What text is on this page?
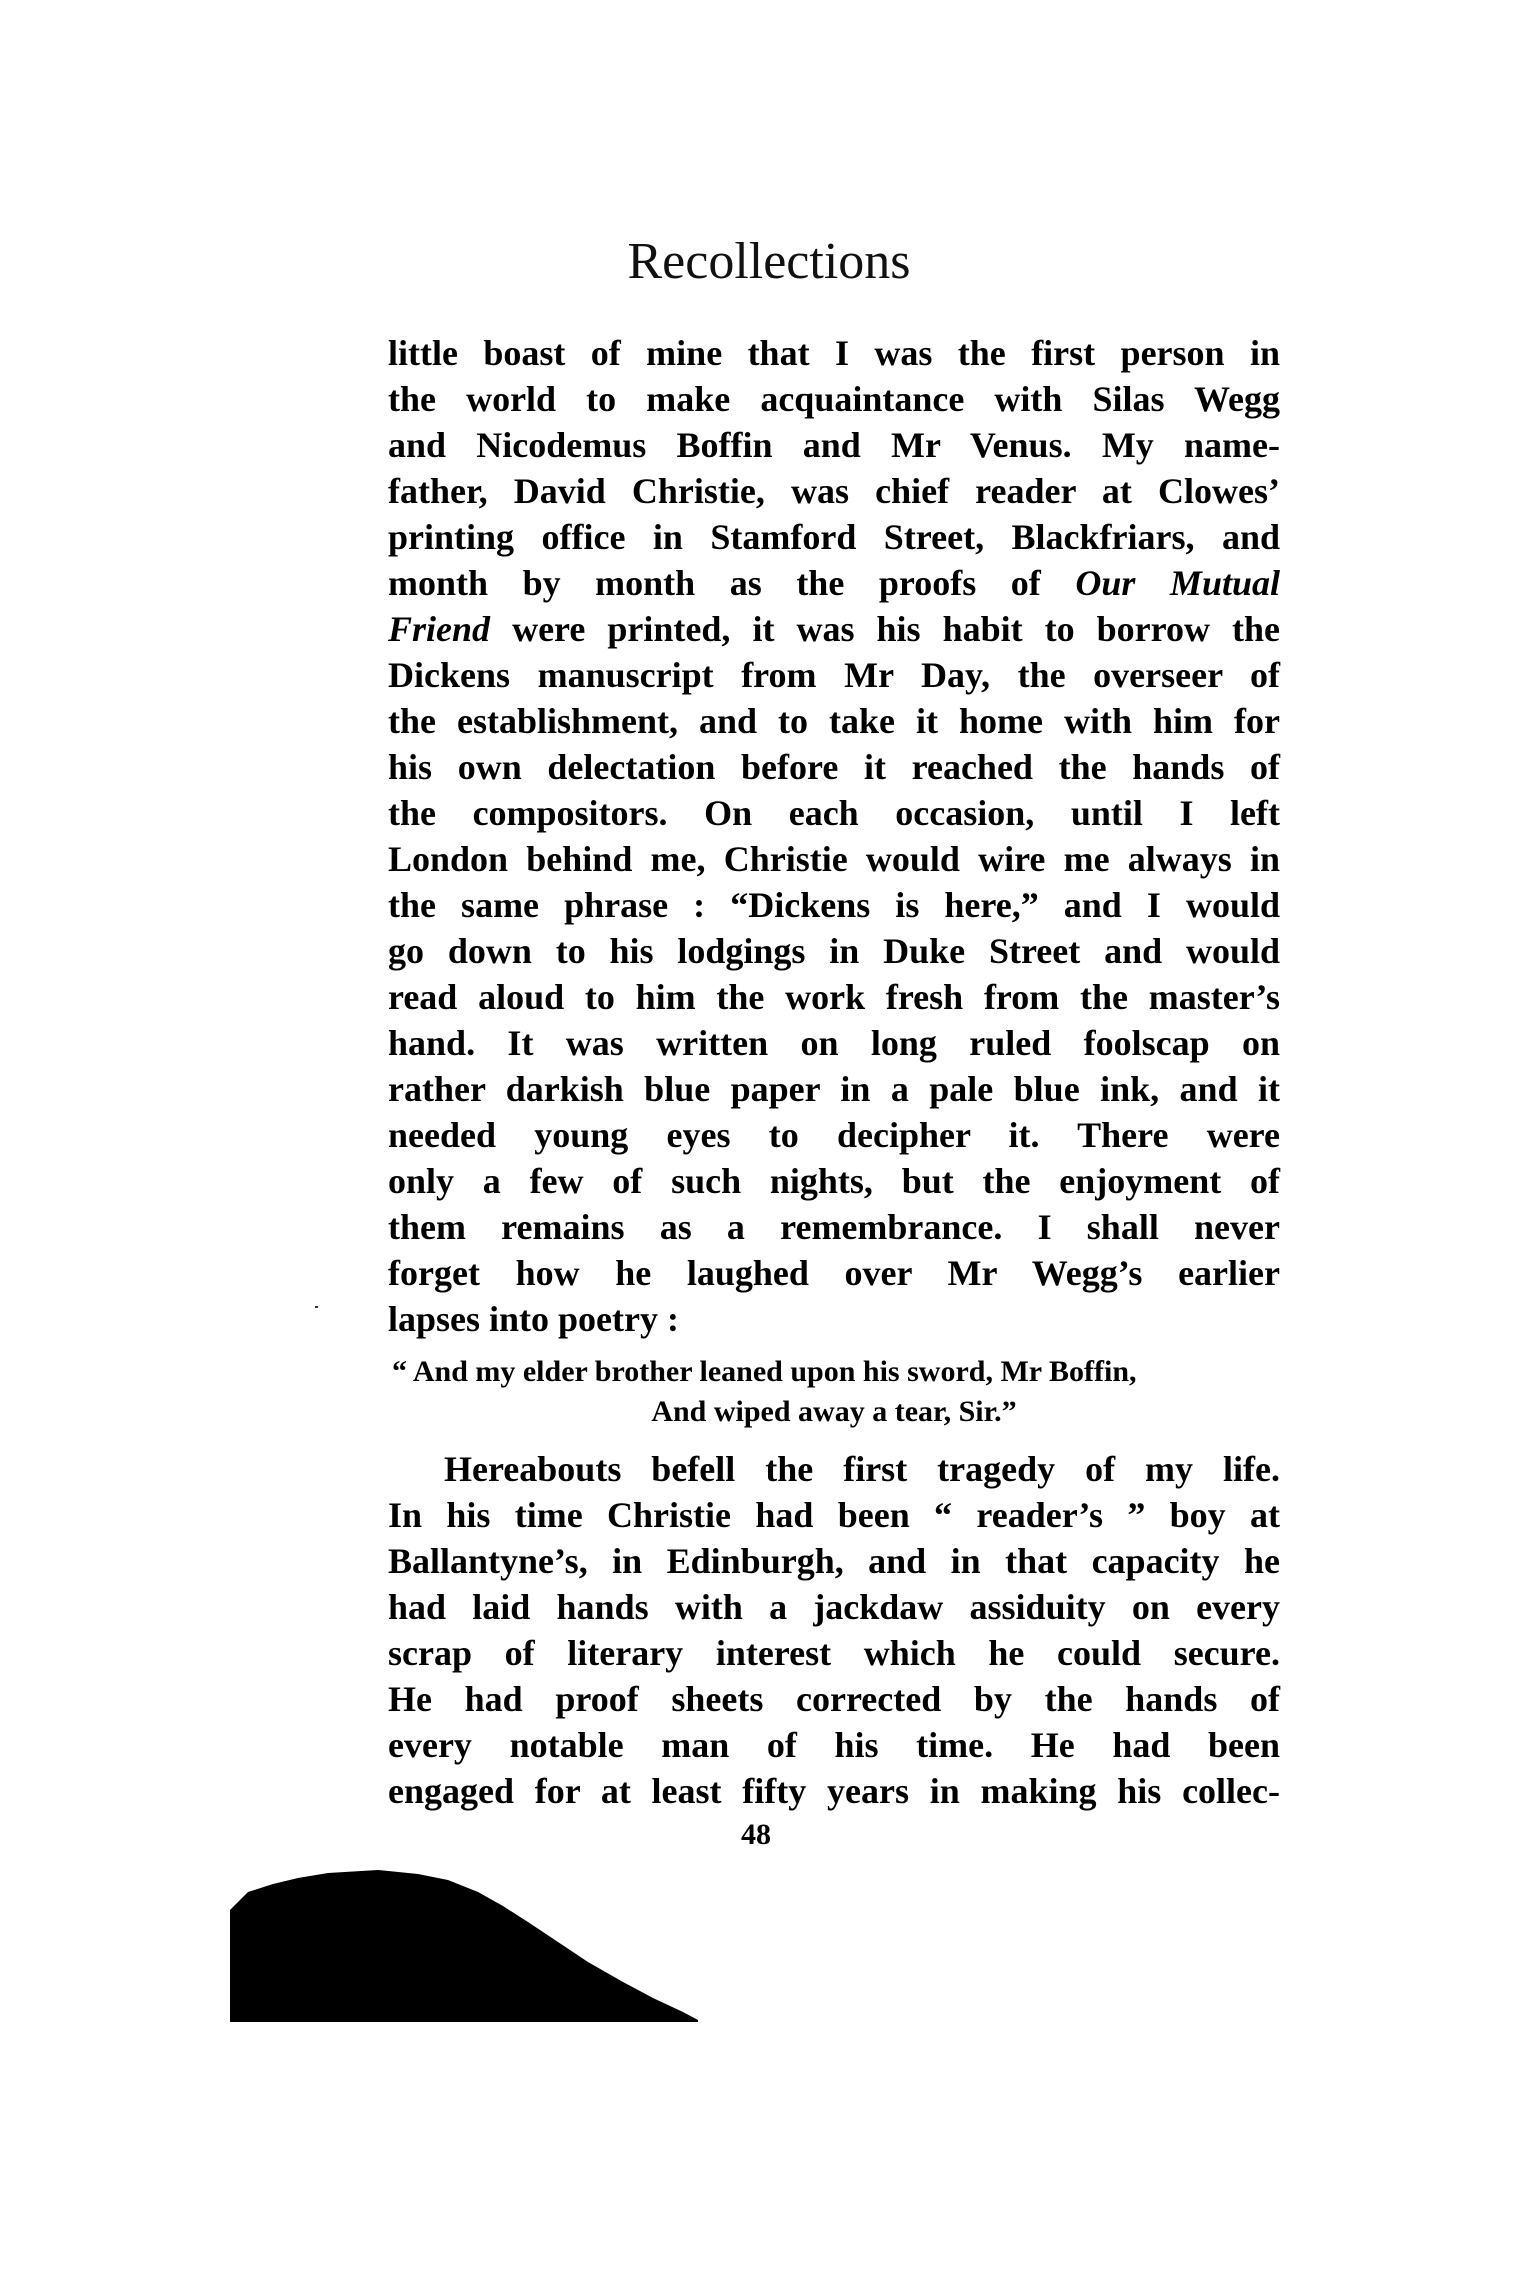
Recollections
little boast of mine that I was the first person in
the world to make acquaintance with Silas Wegg
and Nicodemus Boffin and Mr Venus. My name-
father, David Christie, was chief reader at Clowes’
printing office in Stamford Street, Blackfriars, and
month by month as the proofs of Our Mutual
Friend were printed, it was his habit to borrow the
Dickens manuscript from Mr Day, the overseer of
the establishment, and to take it home with him for
his own delectation before it reached the hands of
the compositors. On each occasion, until I left
London behind me, Christie would wire me always in
the same phrase : “Dickens is here,” and I would
go down to his lodgings in Duke Street and would
read aloud to him the work fresh from the master’s
hand. It was written on long ruled foolscap on
rather darkish blue paper in a pale blue ink, and it
needed young eyes to decipher it. There were
only a few of such nights, but the enjoyment of
them remains as a remembrance. I shall never
forget how he laughed over Mr Wegg’s earlier
lapses into poetry :
“ And my elder brother leaned upon his sword, Mr Boffin,
And wiped away a tear, Sir.”
Hereabouts befell the first tragedy of my life.
In his time Christie had been “ reader’s ” boy at
Ballantyne’s, in Edinburgh, and in that capacity he
had laid hands with a jackdaw assiduity on every
scrap of literary interest which he could secure.
He had proof sheets corrected by the hands of
every notable man of his time. He had been
engaged for at least fifty years in making his collec-
48
